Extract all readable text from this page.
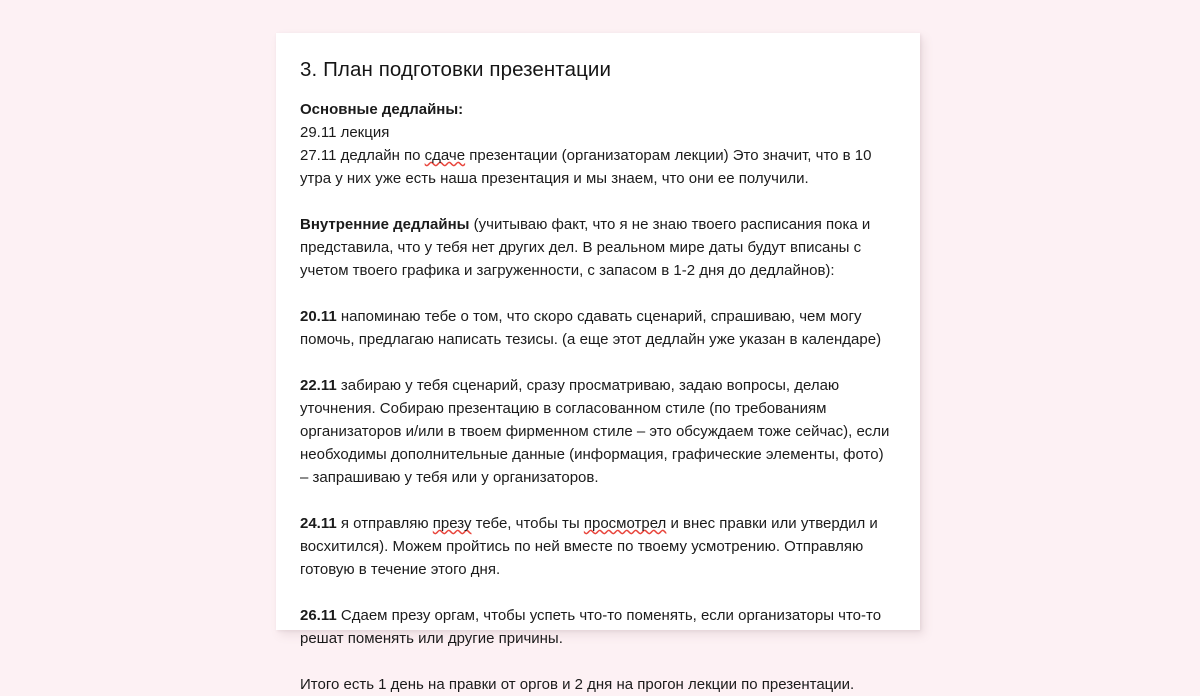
3. План подготовки презентации

Основные дедлайны:

29.11 лекция

27.11 дедлайн по сдаче презентации (организаторам лекции) Это значит, что в 10 утра у них уже есть наша презентация и мы знаем, что они ее получили.

Внутренние дедлайны (учитываю факт, что я не знаю твоего расписания пока и представила, что у тебя нет других дел. В реальном мире даты будут вписаны с учетом твоего графика и загруженности, с запасом в 1-2 дня до дедлайнов):

20.11 напоминаю тебе о том, что скоро сдавать сценарий, спрашиваю, чем могу помочь, предлагаю написать тезисы. (а еще этот дедлайн уже указан в календаре)

22.11 забираю у тебя сценарий, сразу просматриваю, задаю вопросы, делаю уточнения. Собираю презентацию в согласованном стиле (по требованиям организаторов и/или в твоем фирменном стиле – это обсуждаем тоже сейчас), если необходимы дополнительные данные (информация, графические элементы, фото) – запрашиваю у тебя или у организаторов.

24.11 я отправляю презу тебе, чтобы ты просмотрел и внес правки или утвердил и восхитился). Можем пройтись по ней вместе по твоему усмотрению. Отправляю готовую в течение этого дня.

26.11 Сдаем презу оргам, чтобы успеть что-то поменять, если организаторы что-то решат поменять или другие причины.

Итого есть 1 день на правки от оргов и 2 дня на прогон лекции по презентации.
